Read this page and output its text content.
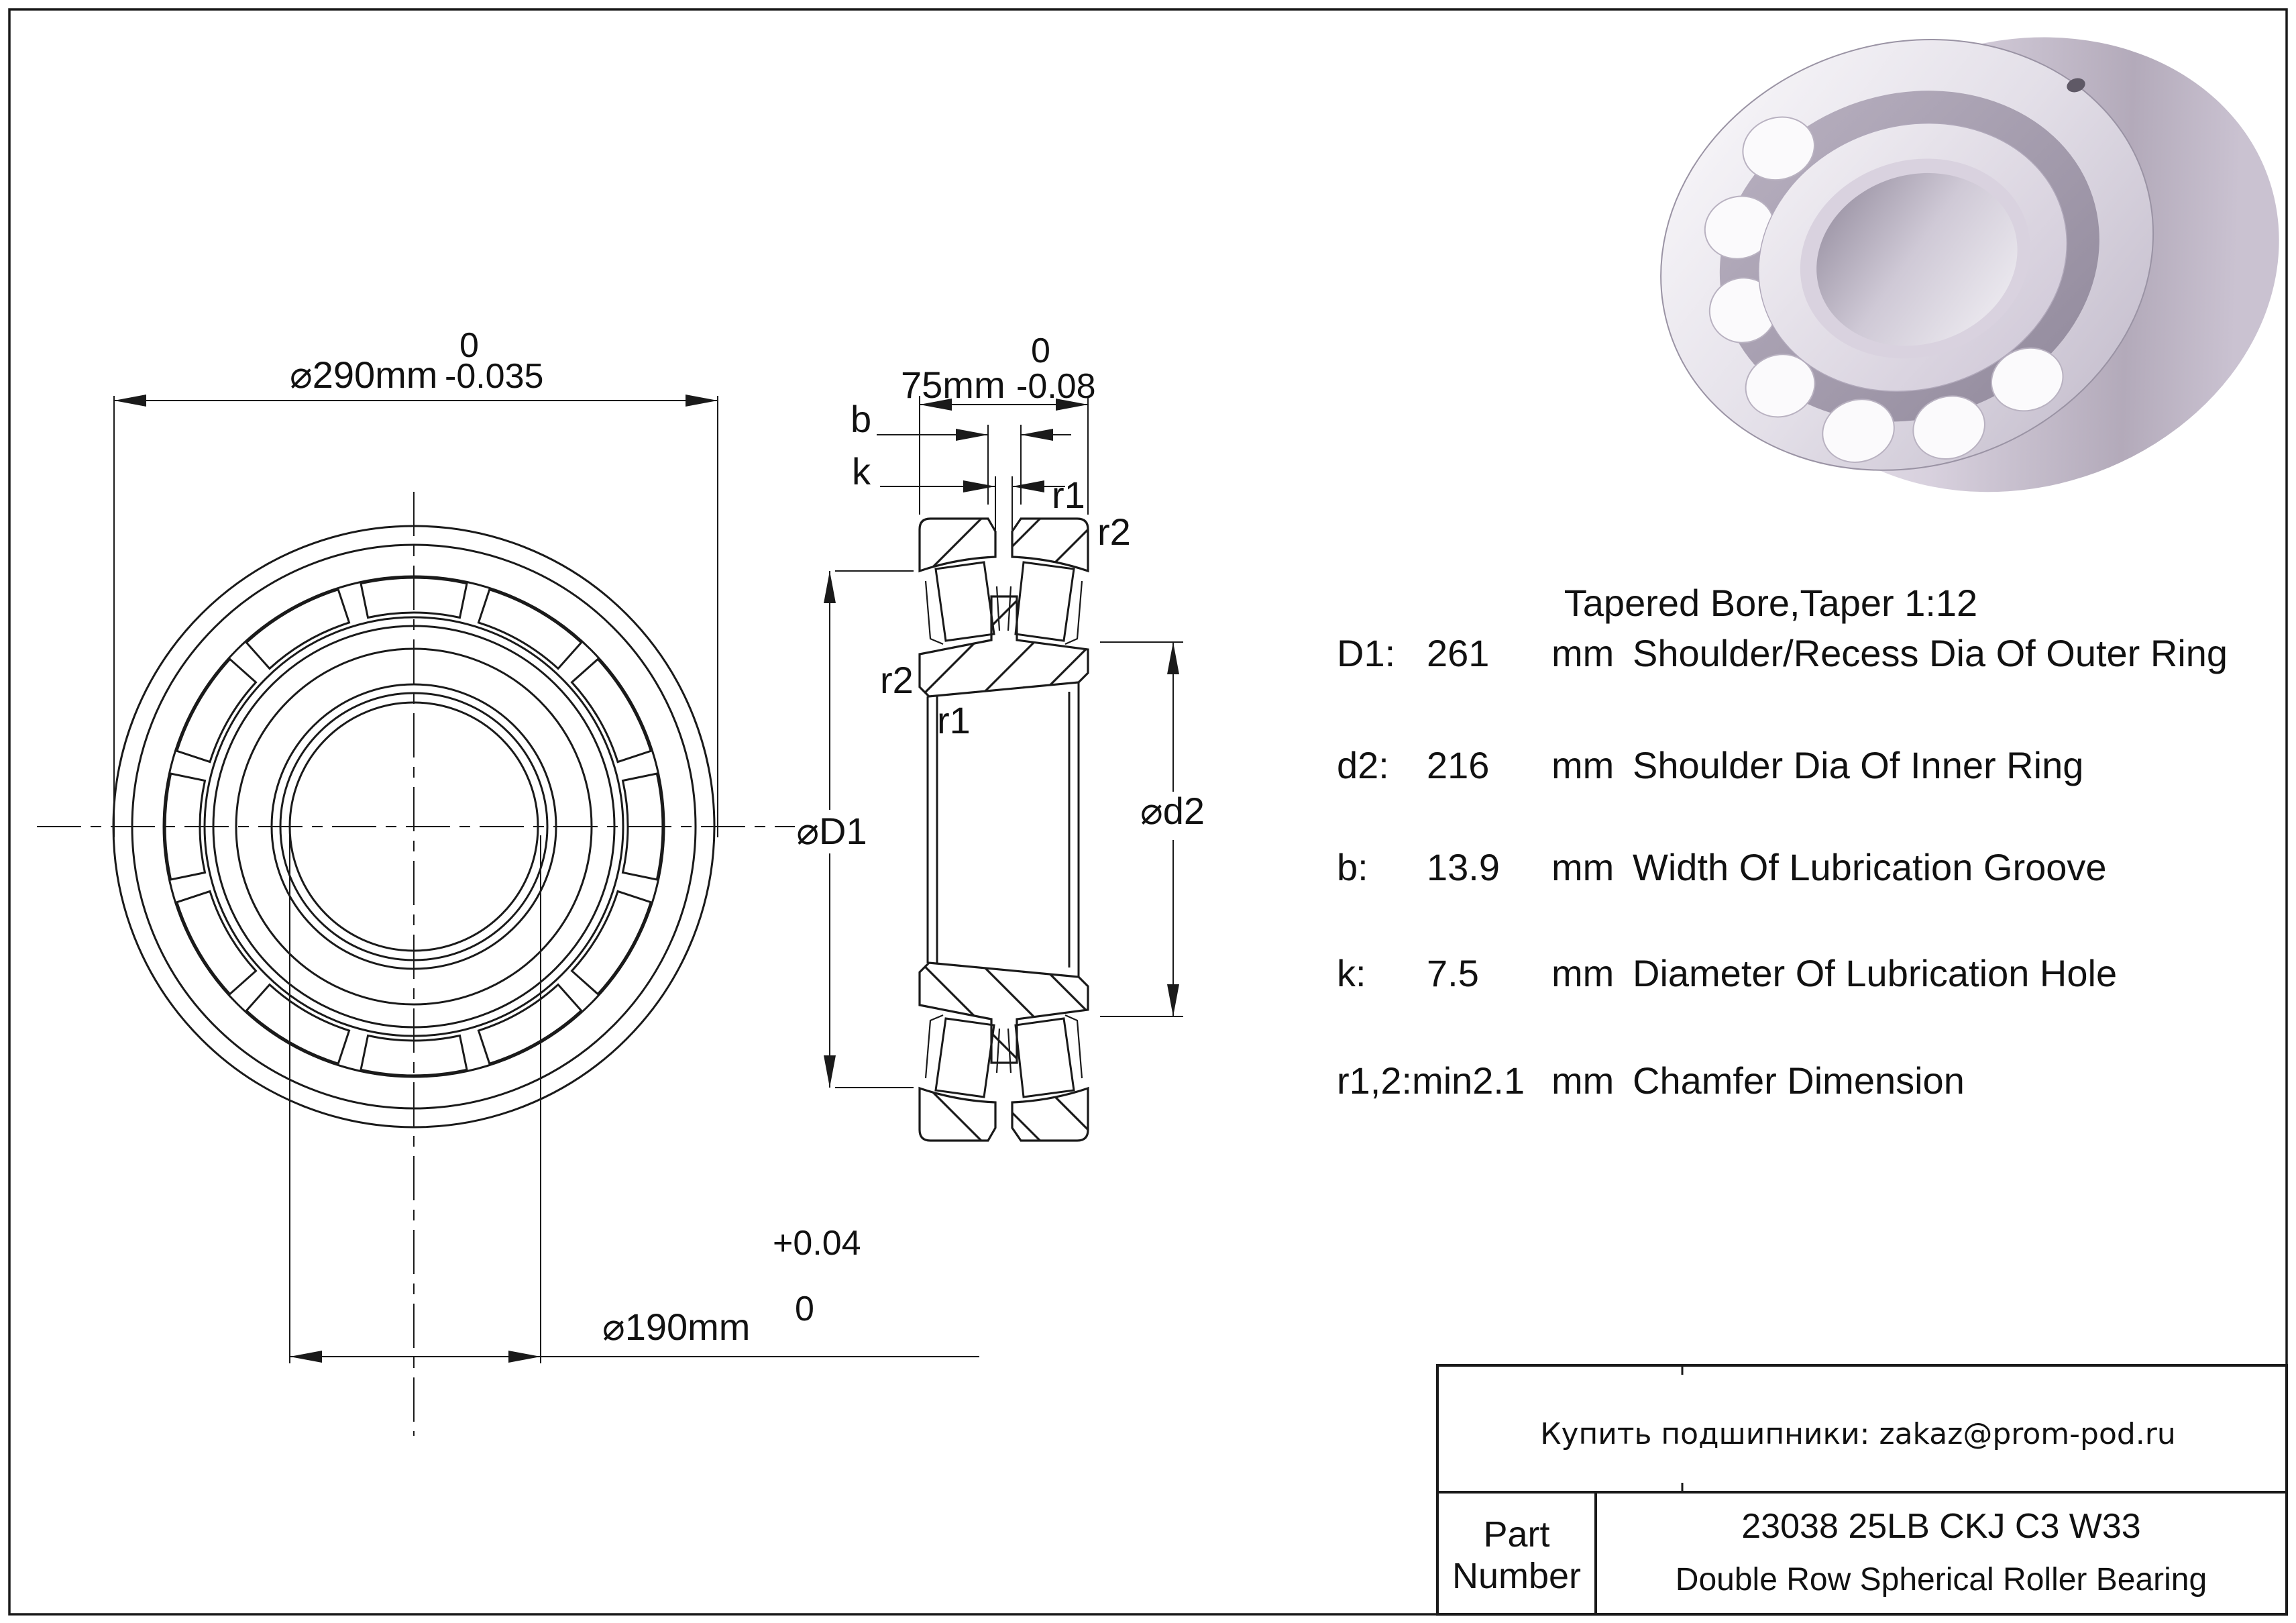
⌀290mm
0
-0.035
⌀190mm
+0.04
0
75mm
0
-0.08
b
k
r1
r2
r2
r1
⌀D1	⌀d2
Tapered Bore,Taper 1:12
D1: 261 mm Shoulder/Recess Dia Of Outer Ring
d2: 216 mm Shoulder Dia Of Inner Ring
b: 13.9 mm Width Of Lubrication Groove
k: 7.5 mm Diameter Of Lubrication Hole
r1,2:min2.1 mm Chamfer Dimension
Купить подшипники: zakaz@prom-pod.ru
Part
Number
23038 25LB CKJ C3 W33
Double Row Spherical Roller Bearing
